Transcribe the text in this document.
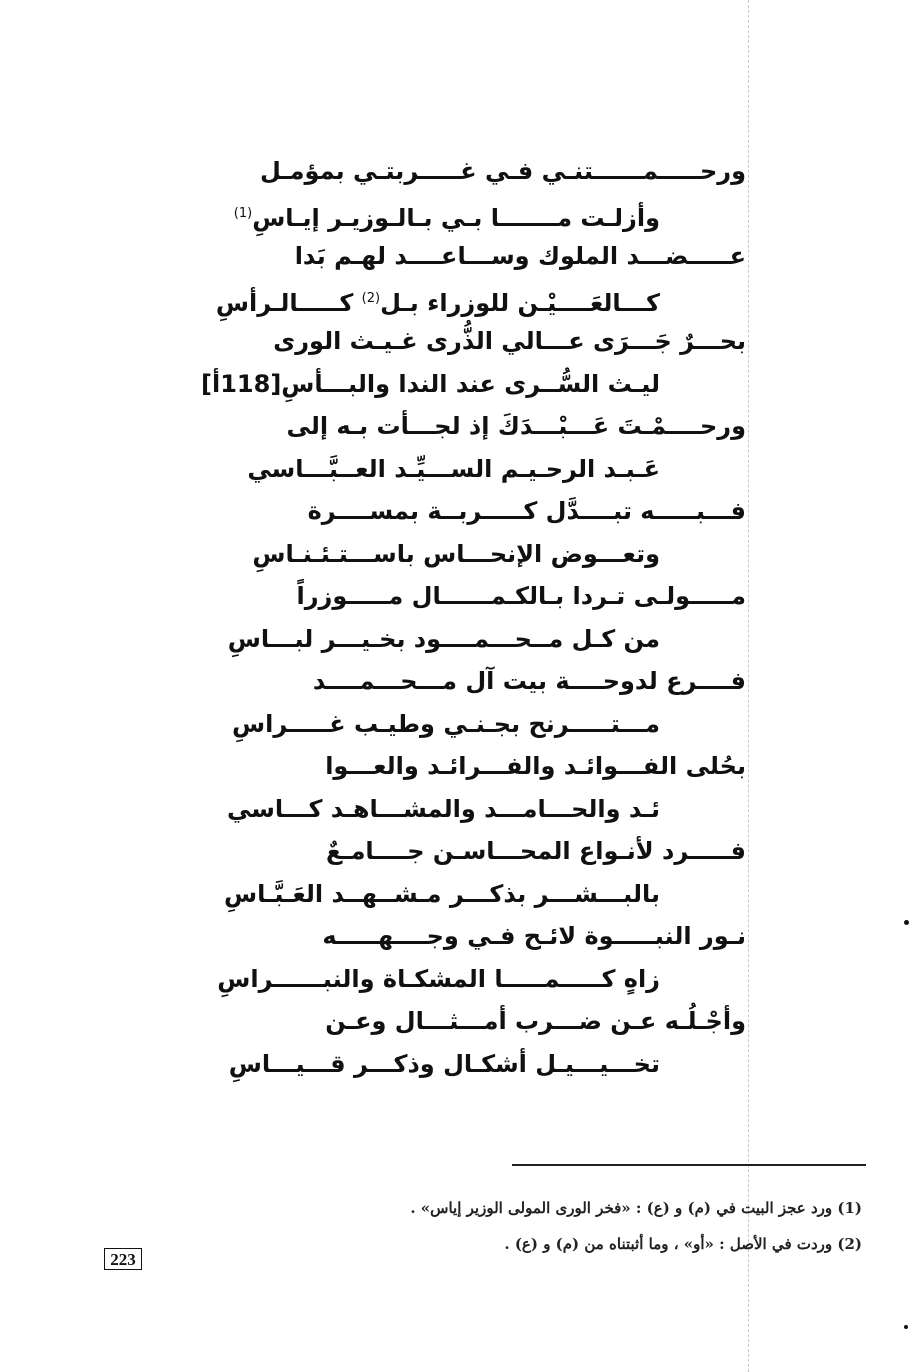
ورحـــــمــــــتنـي فـي غـــــربتـي بمؤمـل
وأزلـت مـــــــا بـي بـالـوزيـر إيـاسِ$^{(1)}$
عـــــضـــد الملوك وســـاعــــد لهـم بَدا
كـــالعَــــيْـن للوزراء بـل$^{(2)}$ كـــــالـرأسِ
بحـــرٌ جَـــرَى عـــالي الذُّرى غـيـث الورى
ليـث السُّــرى عند الندا والبـــأسِ[118أ]
ورحــــمْـتَ عَـــبْـــدَكَ إذ لجـــأت بـه إلى
عَـبـد الرحـيـم الســـيِّـد العــبَّـــاسي
فـــبـــــه تبــــدَّل كـــــربــة بمســــرة
وتعـــوض الإنحـــاس باســـتـئـنـاسِ
مـــــولـى تـردا بـالكـمــــــال مـــــوزراً
من كـل مــحـــمــــود بخـيـــر لبـــاسِ
فــــرع لدوحــــة بيت آل مـــحـــمــــد
مـــتـــــرنح بجـنـي وطيـب غـــــراسِ
بحُلى الفـــوائـد والفـــرائـد والعـــوا
ئـد والحـــامـــد والمشـــاهـد كـــاسي
فـــــرد لأنـواع المحـــاسـن جــــامـعٌ
بالبـــشـــر بذكـــر مـشــهــد العَـبَّـاسِ
نـور النبـــــوة لائـح فـي وجــــهـــــه
زاهٍ كـــــمـــــا المشكـاة والنبــــــراسِ
وأجْـلُـه عـن ضـــرب أمـــثـــال وعـن
تخـــيـــيـل أشكـال وذكـــر قـــيـــاسِ
(1) ورد عجز البيت في (م) و (ع) : «فخر الورى المولى الوزير إياس» .
(2) وردت في الأصل : «أو» ، وما أثبتناه من (م) و (ع) .
223
